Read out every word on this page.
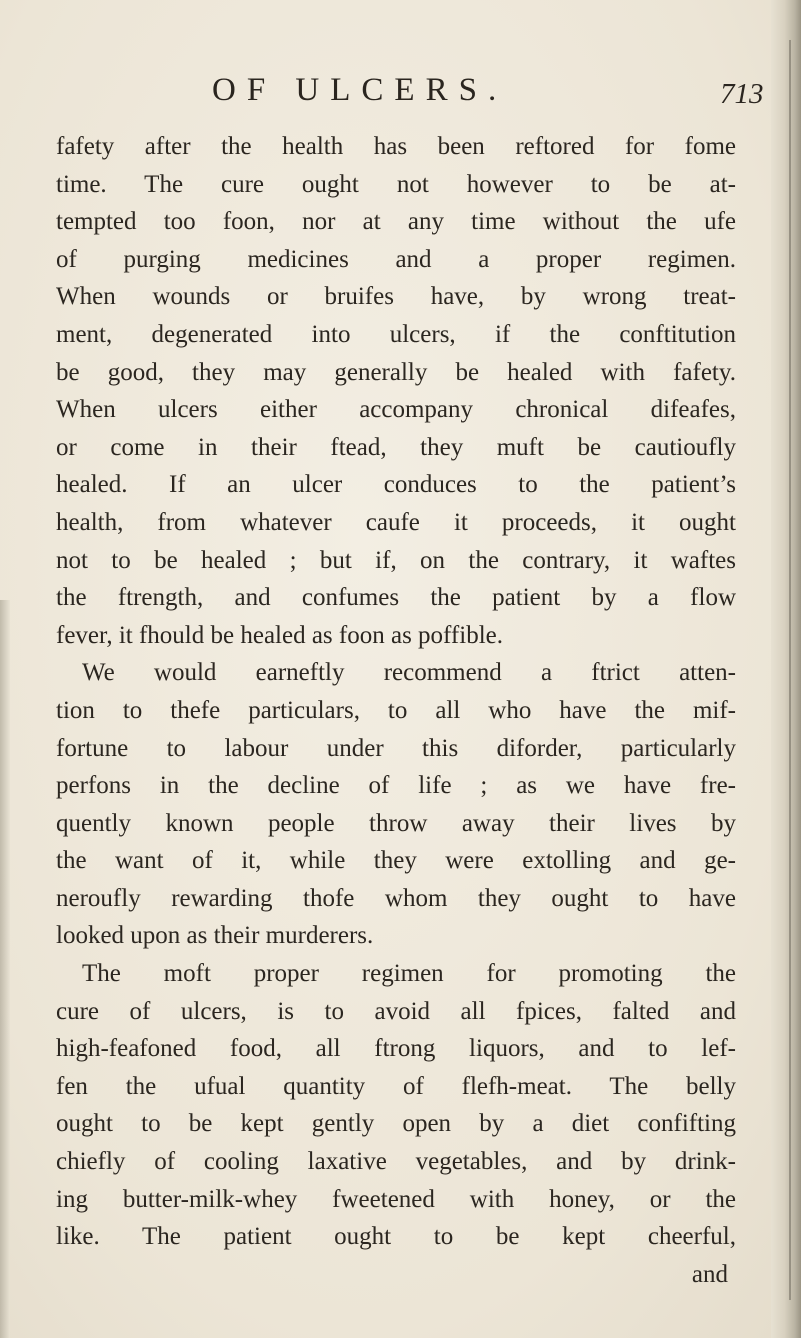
OF ULCERS.	713
fafety after the health has been reftored for fome
time. The cure ought not however to be at-
tempted too foon, nor at any time without the ufe
of purging medicines and a proper regimen.
When wounds or bruifes have, by wrong treat-
ment, degenerated into ulcers, if the conftitution
be good, they may generally be healed with fafety.
When ulcers either accompany chronical difeafes,
or come in their ftead, they muft be cautioufly
healed. If an ulcer conduces to the patient’s
health, from whatever caufe it proceeds, it ought
not to be healed ; but if, on the contrary, it waftes
the ftrength, and confumes the patient by a flow
fever, it fhould be healed as foon as poffible.
We would earneftly recommend a ftrict atten-
tion to thefe particulars, to all who have the mif-
fortune to labour under this diforder, particularly
perfons in the decline of life ; as we have fre-
quently known people throw away their lives by
the want of it, while they were extolling and ge-
neroufly rewarding thofe whom they ought to have
looked upon as their murderers.
The moft proper regimen for promoting the
cure of ulcers, is to avoid all fpices, falted and
high-feafoned food, all ftrong liquors, and to lef-
fen the ufual quantity of flefh-meat. The belly
ought to be kept gently open by a diet confifting
chiefly of cooling laxative vegetables, and by drink-
ing butter-milk-whey fweetened with honey, or the
like. The patient ought to be kept cheerful,
and
